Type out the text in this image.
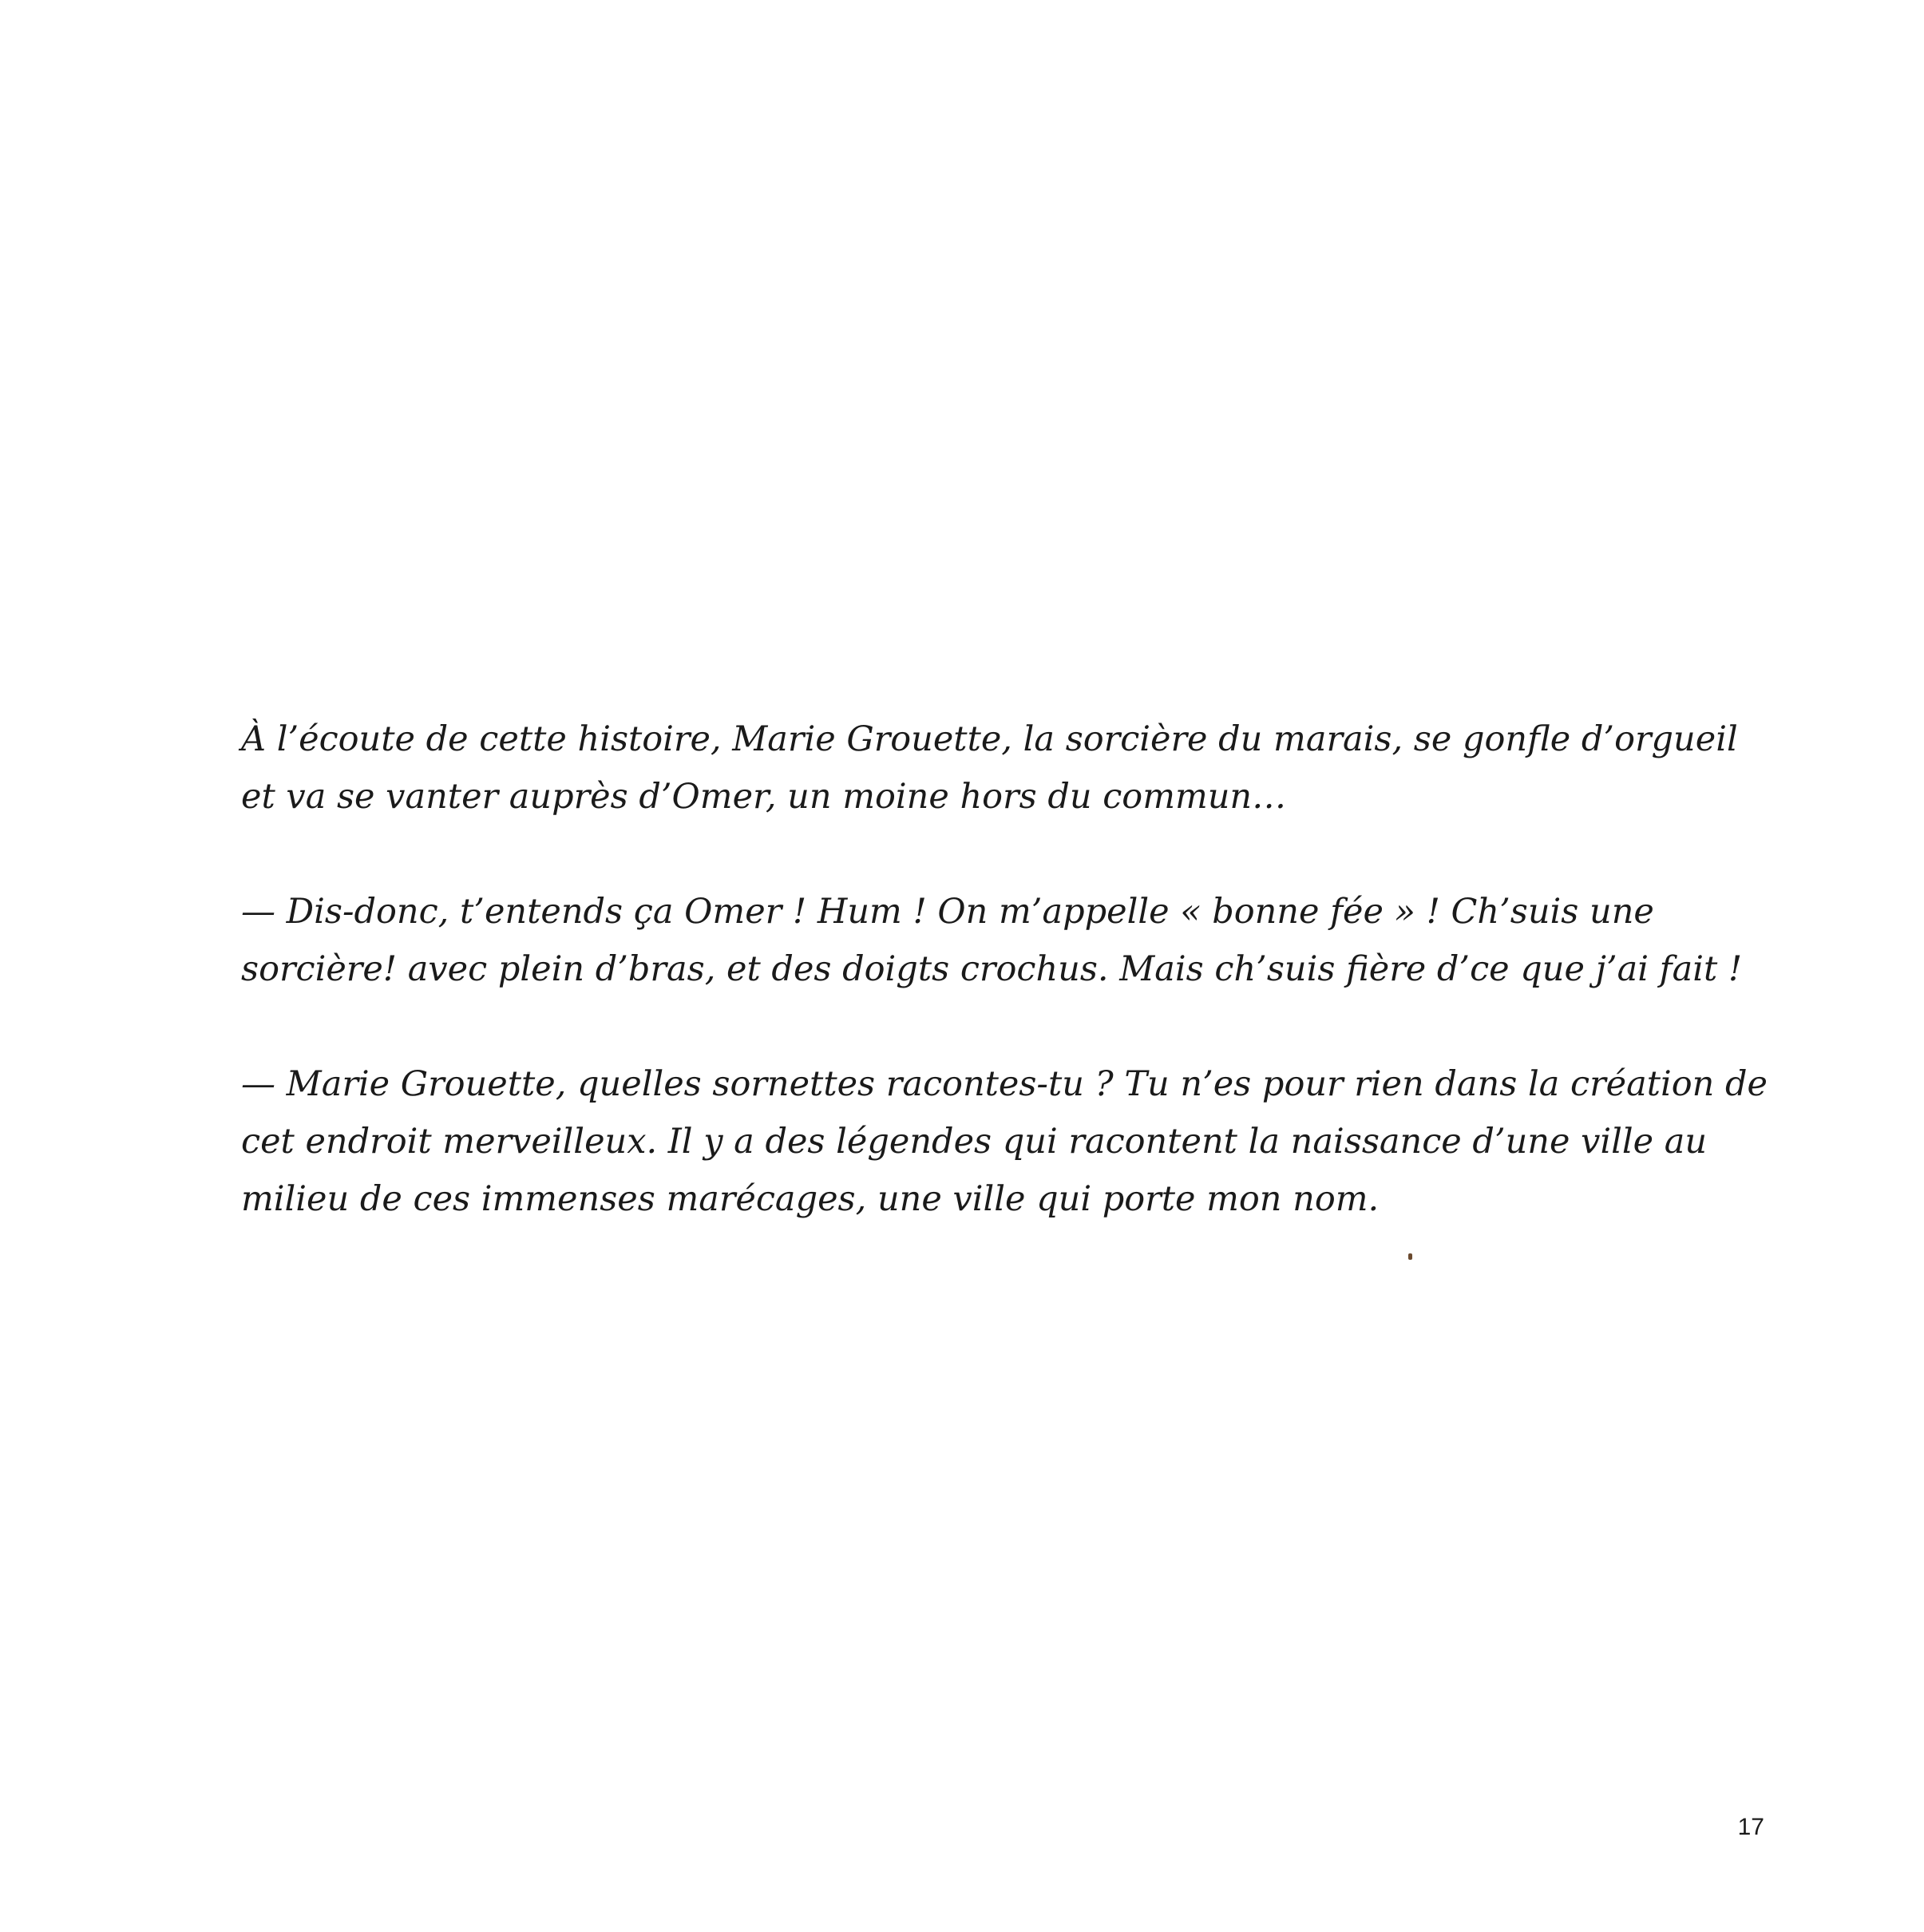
À l’écoute de cette histoire, Marie Grouette, la sorcière du marais, se gonfle d’orgueil et va se vanter auprès d’Omer, un moine hors du commun…

— Dis-donc, t’entends ça Omer ! Hum ! On m’appelle « bonne fée » ! Ch’suis une sorcière! avec plein d’bras, et des doigts crochus. Mais ch’suis fière d’ce que j’ai fait !

— Marie Grouette, quelles sornettes racontes-tu ? Tu n’es pour rien dans la création de cet endroit merveilleux. Il y a des légendes qui racontent la naissance d’une ville au milieu de ces immenses marécages, une ville qui porte mon nom.

17
